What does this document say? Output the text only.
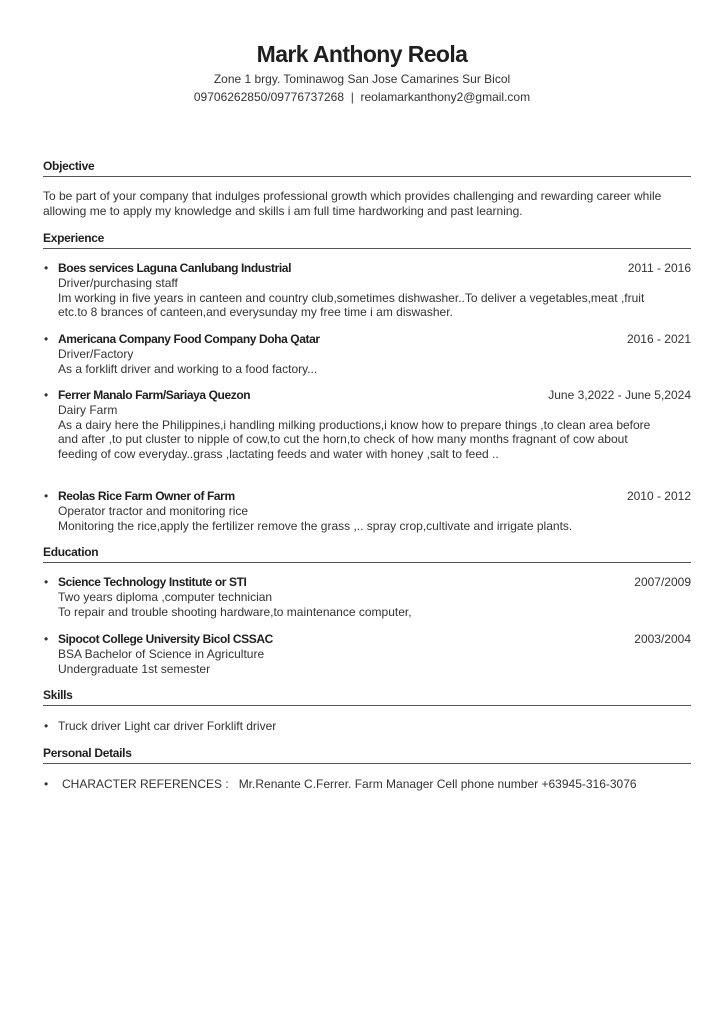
Mark Anthony Reola
Zone 1 brgy. Tominawog San Jose Camarines Sur Bicol
09706262850/09776737268 | reolamarkanthony2@gmail.com
Objective
To be part of your company that indulges professional growth which provides challenging and rewarding career while allowing me to apply my knowledge and skills i am full time hardworking and past learning.
Experience
• Boes services Laguna Canlubang Industrial	2011 - 2016
Driver/purchasing staff
Im working in five years in canteen and country club,sometimes dishwasher..To deliver a vegetables,meat ,fruit
etc.to 8 brances of canteen,and everysunday my free time i am diswasher.
• Americana Company Food Company Doha Qatar	2016 - 2021
Driver/Factory
As a forklift driver and working to a food factory...
• Ferrer Manalo Farm/Sariaya Quezon	June 3,2022 - June 5,2024
Dairy Farm
As a dairy here the Philippines,i handling milking productions,i know how to prepare things ,to clean area before
and after ,to put cluster to nipple of cow,to cut the horn,to check of how many months fragnant of cow about
feeding of cow everyday..grass ,lactating feeds and water with honey ,salt to feed ..
• Reolas Rice Farm Owner of Farm	2010 - 2012
Operator tractor and monitoring rice
Monitoring the rice,apply the fertilizer remove the grass ,.. spray crop,cultivate and irrigate plants.
Education
• Science Technology Institute or STI	2007/2009
Two years diploma ,computer technician
To repair and trouble shooting hardware,to maintenance computer,
• Sipocot College University Bicol CSSAC	2003/2004
BSA Bachelor of Science in Agriculture
Undergraduate 1st semester
Skills
• Truck driver Light car driver Forklift driver
Personal Details
• CHARACTER REFERENCES :   Mr.Renante C.Ferrer. Farm Manager Cell phone number +63945-316-3076
